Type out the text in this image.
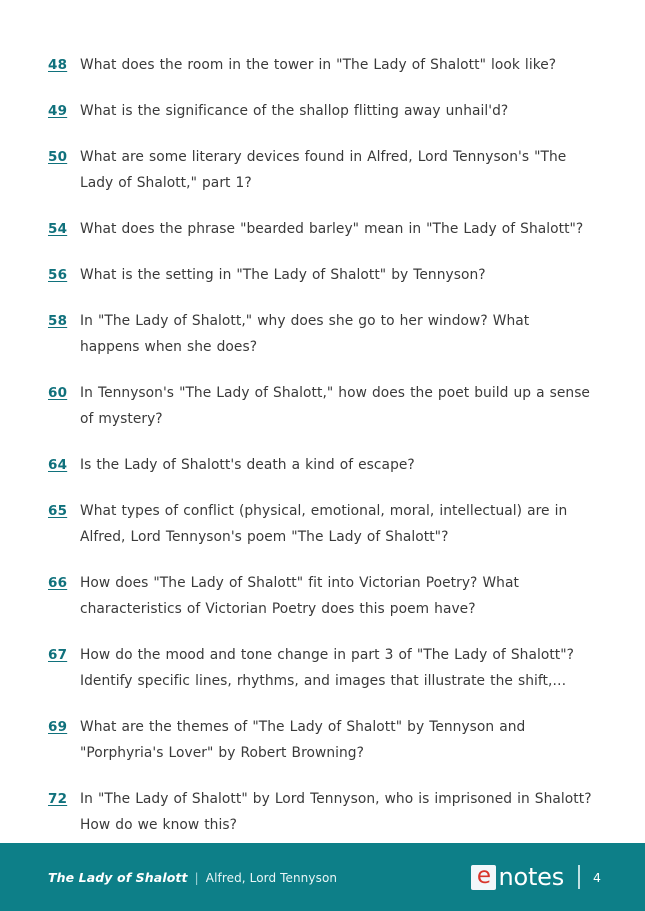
48 What does the room in the tower in "The Lady of Shalott" look like?
49 What is the significance of the shallop flitting away unhail'd?
50 What are some literary devices found in Alfred, Lord Tennyson's "The Lady of Shalott," part 1?
54 What does the phrase "bearded barley" mean in "The Lady of Shalott"?
56 What is the setting in "The Lady of Shalott" by Tennyson?
58 In "The Lady of Shalott," why does she go to her window? What happens when she does?
60 In Tennyson's "The Lady of Shalott," how does the poet build up a sense of mystery?
64 Is the Lady of Shalott's death a kind of escape?
65 What types of conflict (physical, emotional, moral, intellectual) are in Alfred, Lord Tennyson's poem "The Lady of Shalott"?
66 How does "The Lady of Shalott" fit into Victorian Poetry? What characteristics of Victorian Poetry does this poem have?
67 How do the mood and tone change in part 3 of "The Lady of Shalott"? Identify specific lines, rhythms, and images that illustrate the shift,…
69 What are the themes of "The Lady of Shalott" by Tennyson and "Porphyria's Lover" by Robert Browning?
72 In "The Lady of Shalott" by Lord Tennyson, who is imprisoned in Shalott? How do we know this?
The Lady of Shalott | Alfred, Lord Tennyson	e notes 4
